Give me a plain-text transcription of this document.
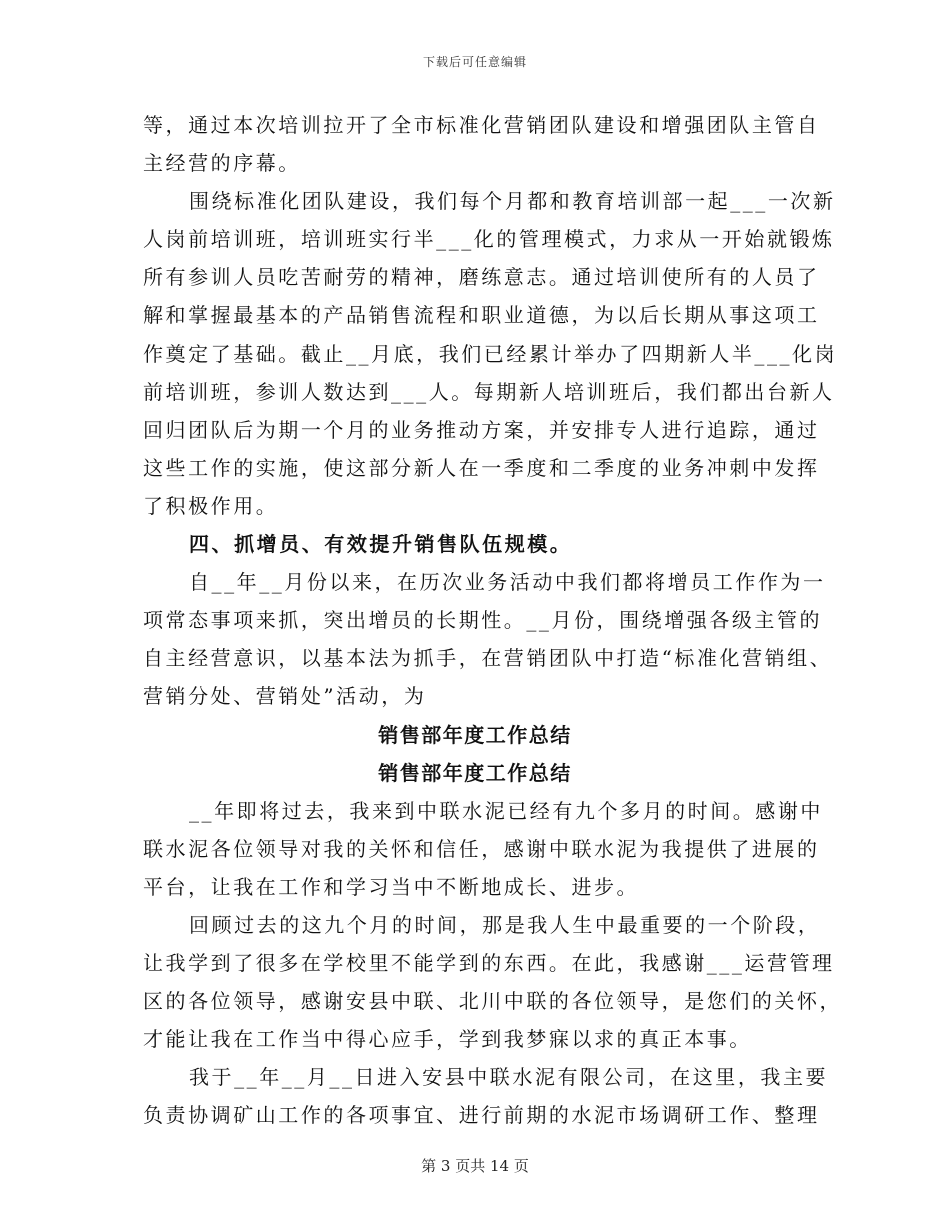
下载后可任意编辑
等，通过本次培训拉开了全市标准化营销团队建设和增强团队主管自
主经营的序幕。
围绕标准化团队建设，我们每个月都和教育培训部一起___一次新
人岗前培训班，培训班实行半___化的管理模式，力求从一开始就锻炼
所有参训人员吃苦耐劳的精神，磨练意志。通过培训使所有的人员了
解和掌握最基本的产品销售流程和职业道德，为以后长期从事这项工
作奠定了基础。截止__月底，我们已经累计举办了四期新人半___化岗
前培训班，参训人数达到___人。每期新人培训班后，我们都出台新人
回归团队后为期一个月的业务推动方案，并安排专人进行追踪，通过
这些工作的实施，使这部分新人在一季度和二季度的业务冲刺中发挥
了积极作用。
四、抓增员、有效提升销售队伍规模。
自__年__月份以来，在历次业务活动中我们都将增员工作作为一
项常态事项来抓，突出增员的长期性。__月份，围绕增强各级主管的
自主经营意识，以基本法为抓手，在营销团队中打造“标准化营销组、
营销分处、营销处”活动，为
销售部年度工作总结
销售部年度工作总结
__年即将过去，我来到中联水泥已经有九个多月的时间。感谢中
联水泥各位领导对我的关怀和信任，感谢中联水泥为我提供了进展的
平台，让我在工作和学习当中不断地成长、进步。
回顾过去的这九个月的时间，那是我人生中最重要的一个阶段，
让我学到了很多在学校里不能学到的东西。在此，我感谢___运营管理
区的各位领导，感谢安县中联、北川中联的各位领导，是您们的关怀，
才能让我在工作当中得心应手，学到我梦寐以求的真正本事。
我于__年__月__日进入安县中联水泥有限公司，在这里，我主要
负责协调矿山工作的各项事宜、进行前期的水泥市场调研工作、整理
第 3 页共 14 页
